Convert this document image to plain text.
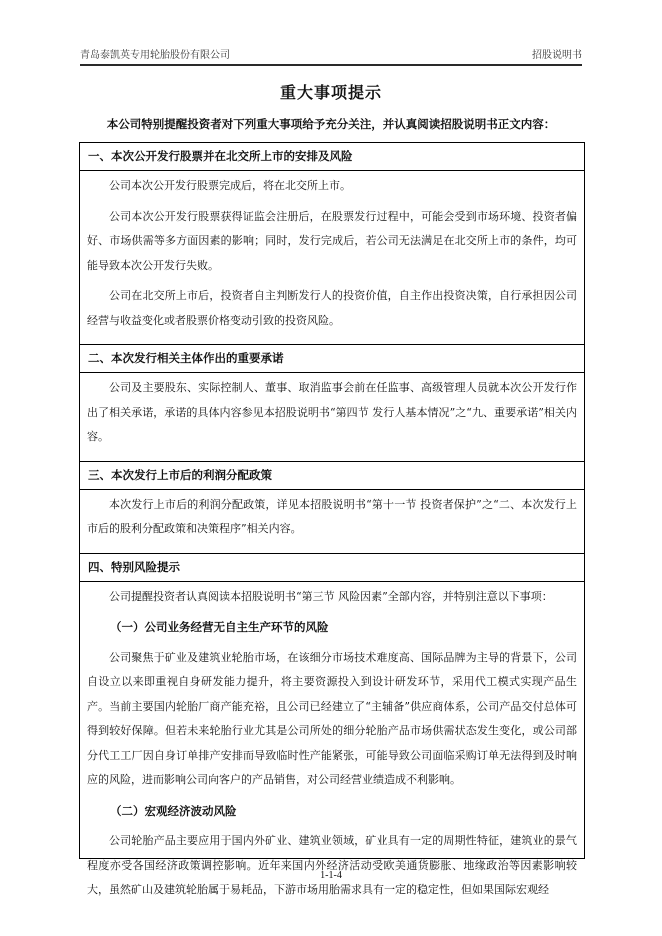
青岛泰凯英专用轮胎股份有限公司	招股说明书
重大事项提示
本公司特别提醒投资者对下列重大事项给予充分关注，并认真阅读招股说明书正文内容：
一、本次公开发行股票并在北交所上市的安排及风险

公司本次公开发行股票完成后，将在北交所上市。

公司本次公开发行股票获得证监会注册后，在股票发行过程中，可能会受到市场环境、投资者偏好、市场供需等多方面因素的影响；同时，发行完成后，若公司无法满足在北交所上市的条件，均可能导致本次公开发行失败。

公司在北交所上市后，投资者自主判断发行人的投资价值，自主作出投资决策，自行承担因公司经营与收益变化或者股票价格变动引致的投资风险。

二、本次发行相关主体作出的重要承诺

公司及主要股东、实际控制人、董事、取消监事会前在任监事、高级管理人员就本次公开发行作出了相关承诺，承诺的具体内容参见本招股说明书“第四节 发行人基本情况”之“九、重要承诺”相关内容。

三、本次发行上市后的利润分配政策

本次发行上市后的利润分配政策，详见本招股说明书“第十一节 投资者保护”之“二、本次发行上市后的股利分配政策和决策程序”相关内容。

四、特别风险提示

公司提醒投资者认真阅读本招股说明书“第三节 风险因素”全部内容，并特别注意以下事项：

（一）公司业务经营无自主生产环节的风险

公司聚焦于矿业及建筑业轮胎市场，在该细分市场技术难度高、国际品牌为主导的背景下，公司自设立以来即重视自身研发能力提升，将主要资源投入到设计研发环节，采用代工模式实现产品生产。当前主要国内轮胎厂商产能充裕，且公司已经建立了“主辅备”供应商体系，公司产品交付总体可得到较好保障。但若未来轮胎行业尤其是公司所处的细分轮胎产品市场供需状态发生变化，或公司部分代工工厂因自身订单排产安排而导致临时性产能紧张，可能导致公司面临采购订单无法得到及时响应的风险，进而影响公司向客户的产品销售，对公司经营业绩造成不利影响。

（二）宏观经济波动风险

公司轮胎产品主要应用于国内外矿业、建筑业领域，矿业具有一定的周期性特征，建筑业的景气程度亦受各国经济政策调控影响。近年来国内外经济活动受欧美通货膨胀、地缘政治等因素影响较大，虽然矿山及建筑轮胎属于易耗品，下游市场用胎需求具有一定的稳定性，但如果国际宏观经

1-1-4
